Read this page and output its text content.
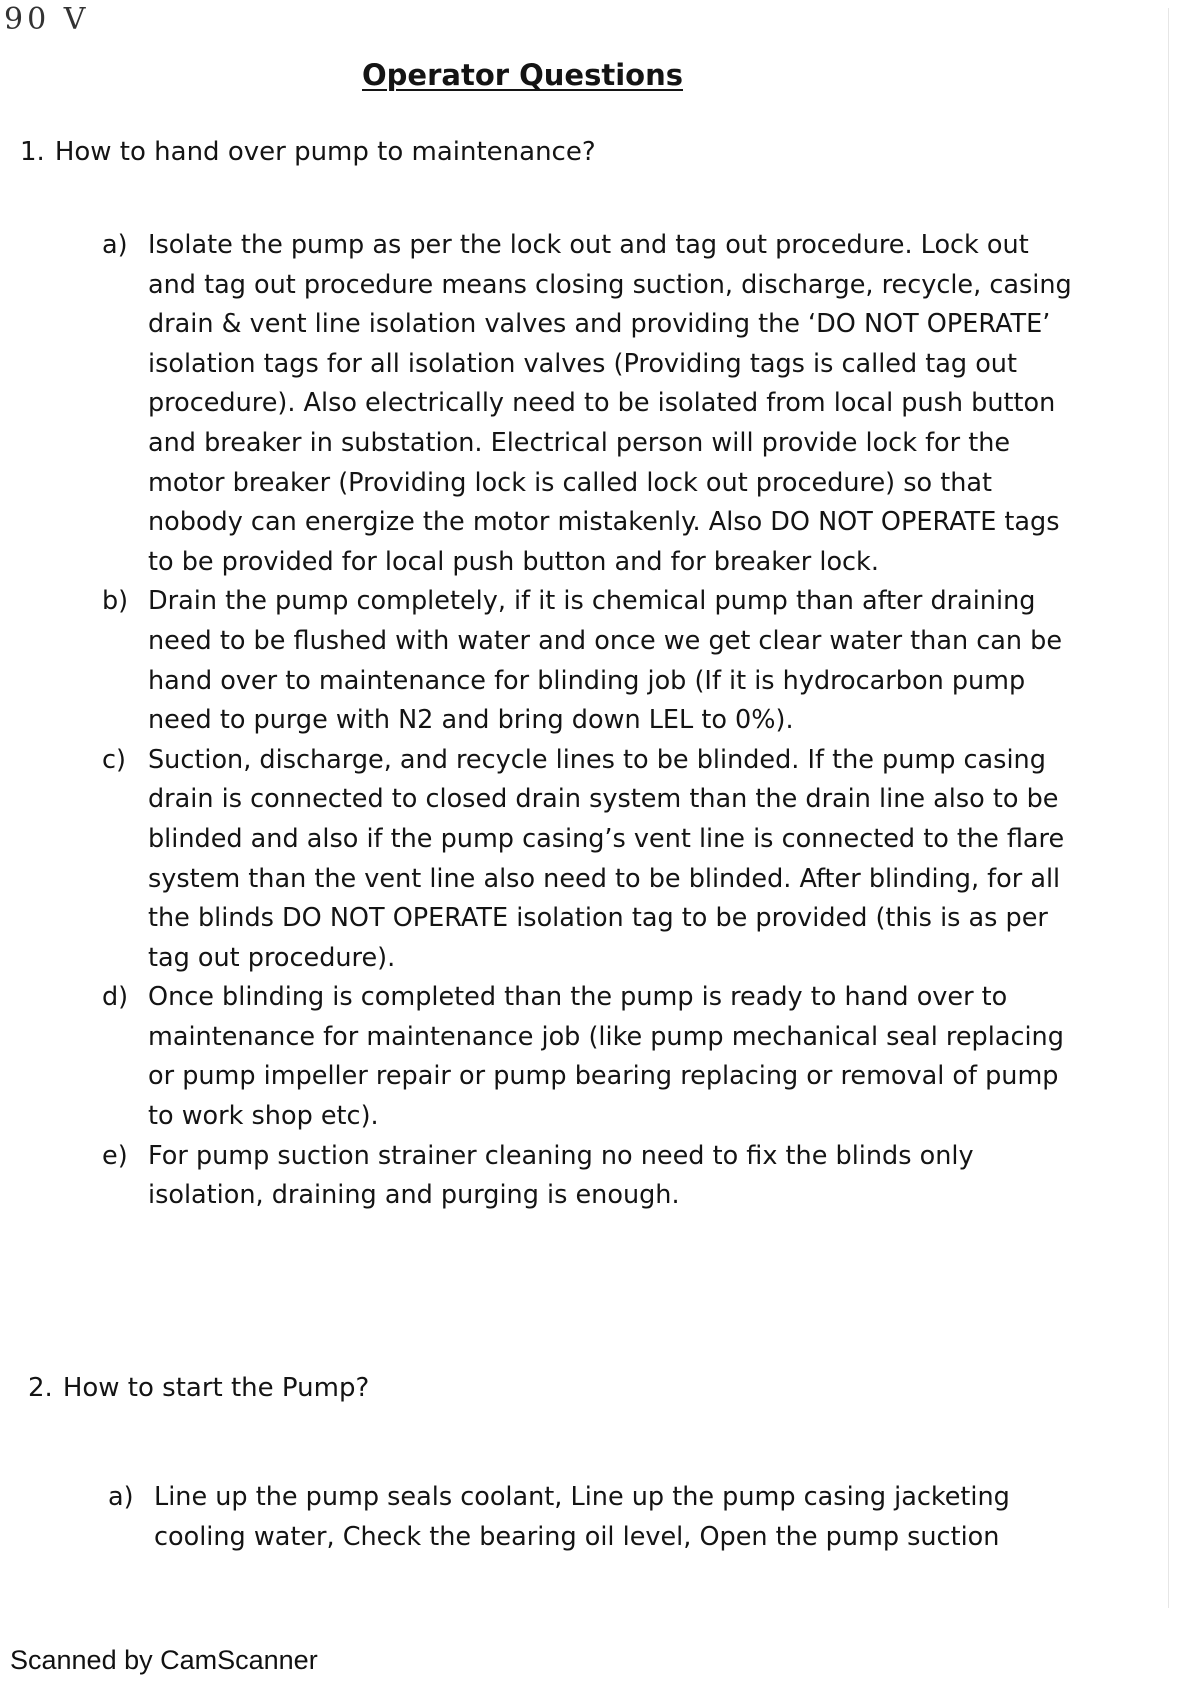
90 V
Operator Questions
1. How to hand over pump to maintenance?
a) Isolate the pump as per the lock out and tag out procedure. Lock out and tag out procedure means closing suction, discharge, recycle, casing drain & vent line isolation valves and providing the ‘DO NOT OPERATE’ isolation tags for all isolation valves (Providing tags is called tag out procedure). Also electrically need to be isolated from local push button and breaker in substation. Electrical person will provide lock for the motor breaker (Providing lock is called lock out procedure) so that nobody can energize the motor mistakenly. Also DO NOT OPERATE tags to be provided for local push button and for breaker lock.
b) Drain the pump completely, if it is chemical pump than after draining need to be flushed with water and once we get clear water than can be hand over to maintenance for blinding job (If it is hydrocarbon pump need to purge with N2 and bring down LEL to 0%).
c) Suction, discharge, and recycle lines to be blinded. If the pump casing drain is connected to closed drain system than the drain line also to be blinded and also if the pump casing’s vent line is connected to the flare system than the vent line also need to be blinded. After blinding, for all the blinds DO NOT OPERATE isolation tag to be provided (this is as per tag out procedure).
d) Once blinding is completed than the pump is ready to hand over to maintenance for maintenance job (like pump mechanical seal replacing or pump impeller repair or pump bearing replacing or removal of pump to work shop etc).
e) For pump suction strainer cleaning no need to fix the blinds only isolation, draining and purging is enough.
2. How to start the Pump?
a) Line up the pump seals coolant, Line up the pump casing jacketing cooling water, Check the bearing oil level, Open the pump suction
Scanned by CamScanner
